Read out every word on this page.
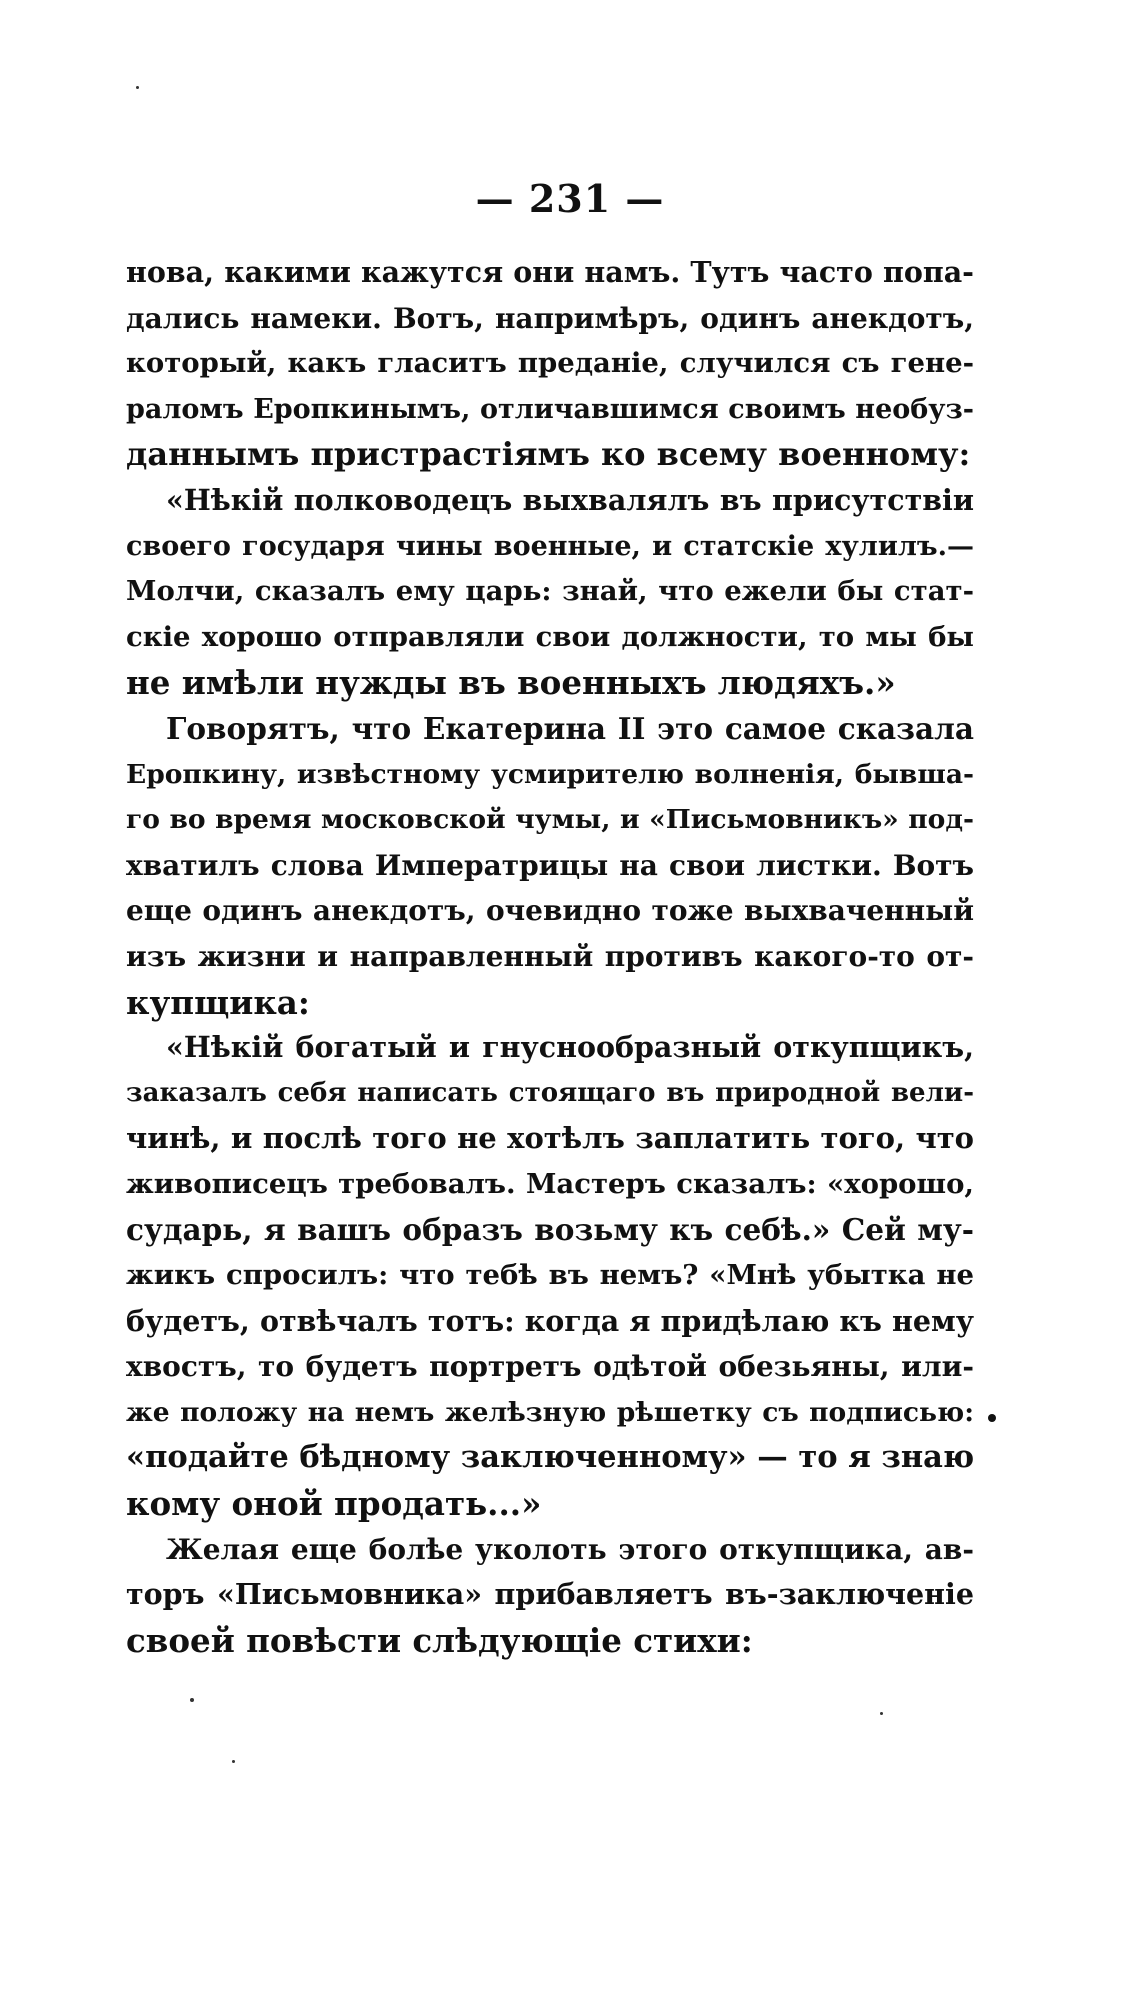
— 231 —
нова, какими кажутся они намъ. Тутъ часто попа-
дались намеки. Вотъ, напримѣръ, одинъ анекдотъ,
который, какъ гласитъ преданіе, случился съ гене-
раломъ Еропкинымъ, отличавшимся своимъ необуз-
даннымъ пристрастіямъ ко всему военному:
«Нѣкій полководецъ выхвалялъ въ присутствіи
своего государя чины военные, и статскіе хулилъ.—
Молчи, сказалъ ему царь: знай, что ежели бы стат-
скіе хорошо отправляли свои должности, то мы бы
не имѣли нужды въ военныхъ людяхъ.»
Говорятъ, что Екатерина II это самое сказала
Еропкину, извѣстному усмирителю волненія, бывша-
го во время московской чумы, и «Письмовникъ» под-
хватилъ слова Императрицы на свои листки. Вотъ
еще одинъ анекдотъ, очевидно тоже выхваченный
изъ жизни и направленный противъ какого-то от-
купщика:
«Нѣкій богатый и гнуснообразный откупщикъ,
заказалъ себя написать стоящаго въ природной вели-
чинѣ, и послѣ того не хотѣлъ заплатить того, что
живописецъ требовалъ. Мастеръ сказалъ: «хорошо,
сударь, я вашъ образъ возьму къ себѣ.» Сей му-
жикъ спросилъ: что тебѣ въ немъ? «Мнѣ убытка не
будетъ, отвѣчалъ тотъ: когда я придѣлаю къ нему
хвостъ, то будетъ портретъ одѣтой обезьяны, или-
же положу на немъ желѣзную рѣшетку съ подписью:
«подайте бѣдному заключенному» — то я знаю
кому оной продать...»
Желая еще болѣе уколоть этого откупщика, ав-
торъ «Письмовника» прибавляетъ въ-заключеніе
своей повѣсти слѣдующіе стихи:
